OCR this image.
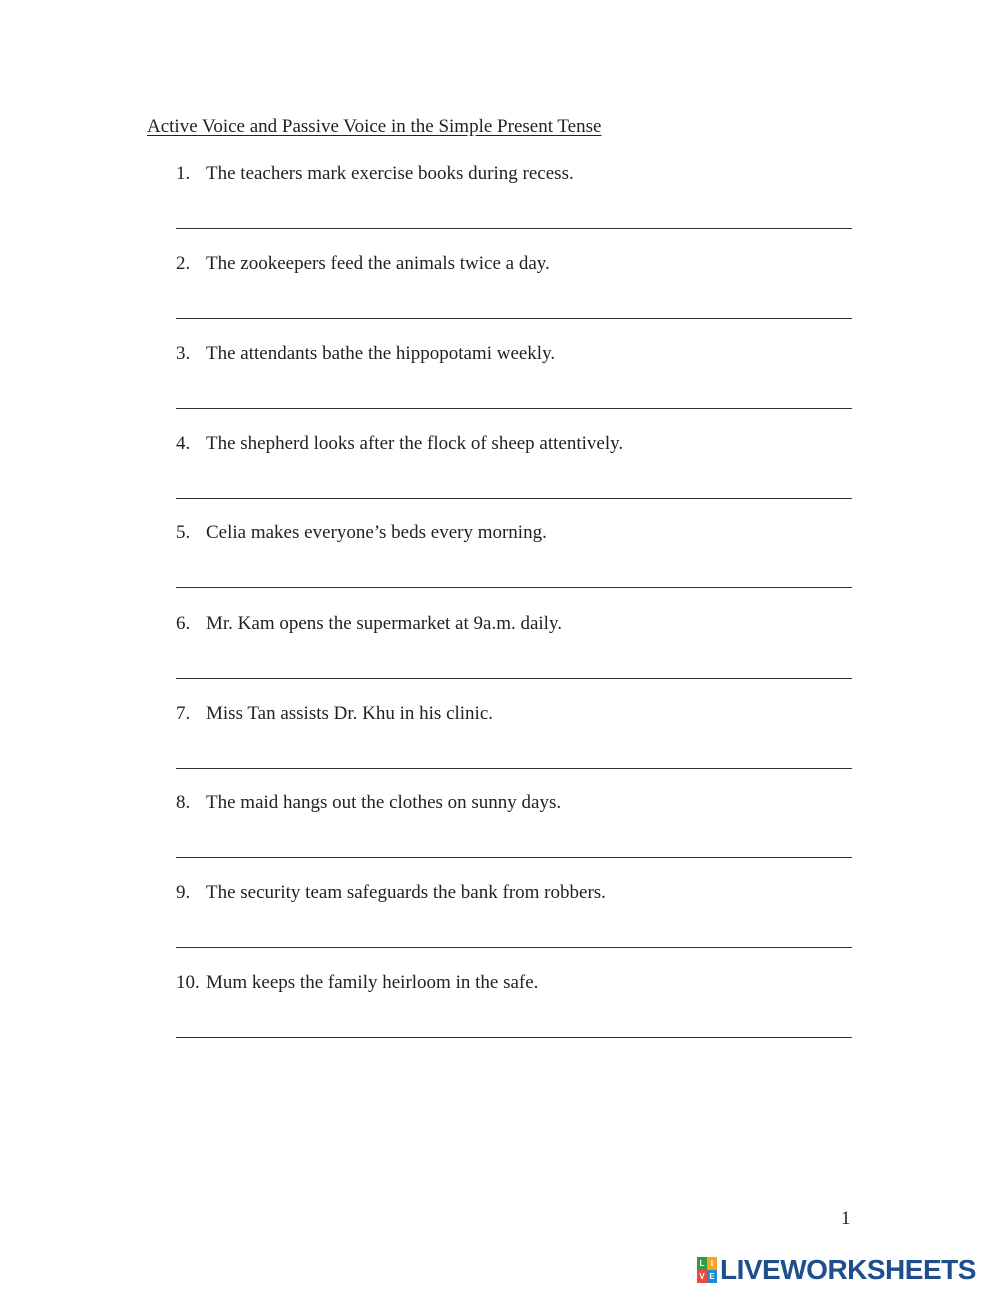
Active Voice and Passive Voice in the Simple Present Tense
1. The teachers mark exercise books during recess.
2. The zookeepers feed the animals twice a day.
3. The attendants bathe the hippopotami weekly.
4. The shepherd looks after the flock of sheep attentively.
5. Celia makes everyone’s beds every morning.
6. Mr. Kam opens the supermarket at 9a.m. daily.
7. Miss Tan assists Dr. Khu in his clinic.
8. The maid hangs out the clothes on sunny days.
9. The security team safeguards the bank from robbers.
10. Mum keeps the family heirloom in the safe.
1
L I
V E LIVEWORKSHEETS
